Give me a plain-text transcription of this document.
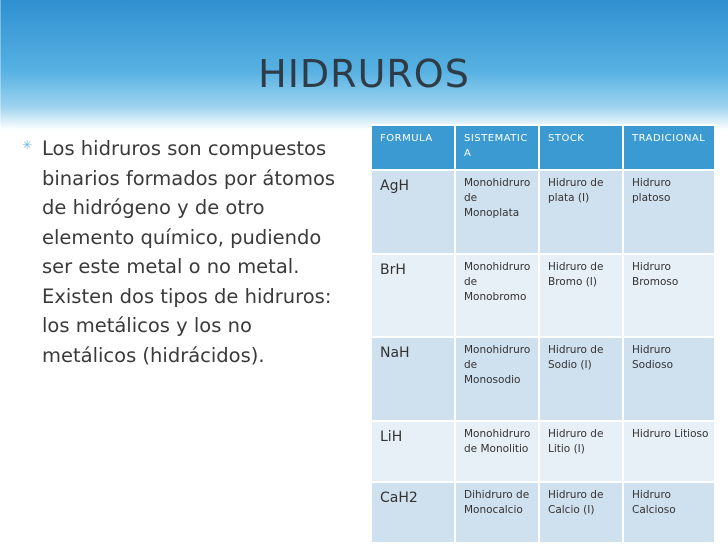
HIDRUROS
✳ Los hidruros son compuestos binarios formados por átomos de hidrógeno y de otro elemento químico, pudiendo ser este metal o no metal. Existen dos tipos de hidruros: los metálicos y los no metálicos (hidrácidos).

FORMULA	SISTEMATICA	STOCK	TRADICIONAL
AgH	Monohidruro de Monoplata	Hidruro de plata (I)	Hidruro platoso
BrH	Monohidruro de Monobromo	Hidruro de Bromo (I)	Hidruro Bromoso
NaH	Monohidruro de Monosodio	Hidruro de Sodio (I)	Hidruro Sodioso
LiH	Monohidruro de Monolitio	Hidruro de Litio (I)	Hidruro Litioso
CaH2	Dihidruro de Monocalcio	Hidruro de Calcio (I)	Hidruro Calcioso
